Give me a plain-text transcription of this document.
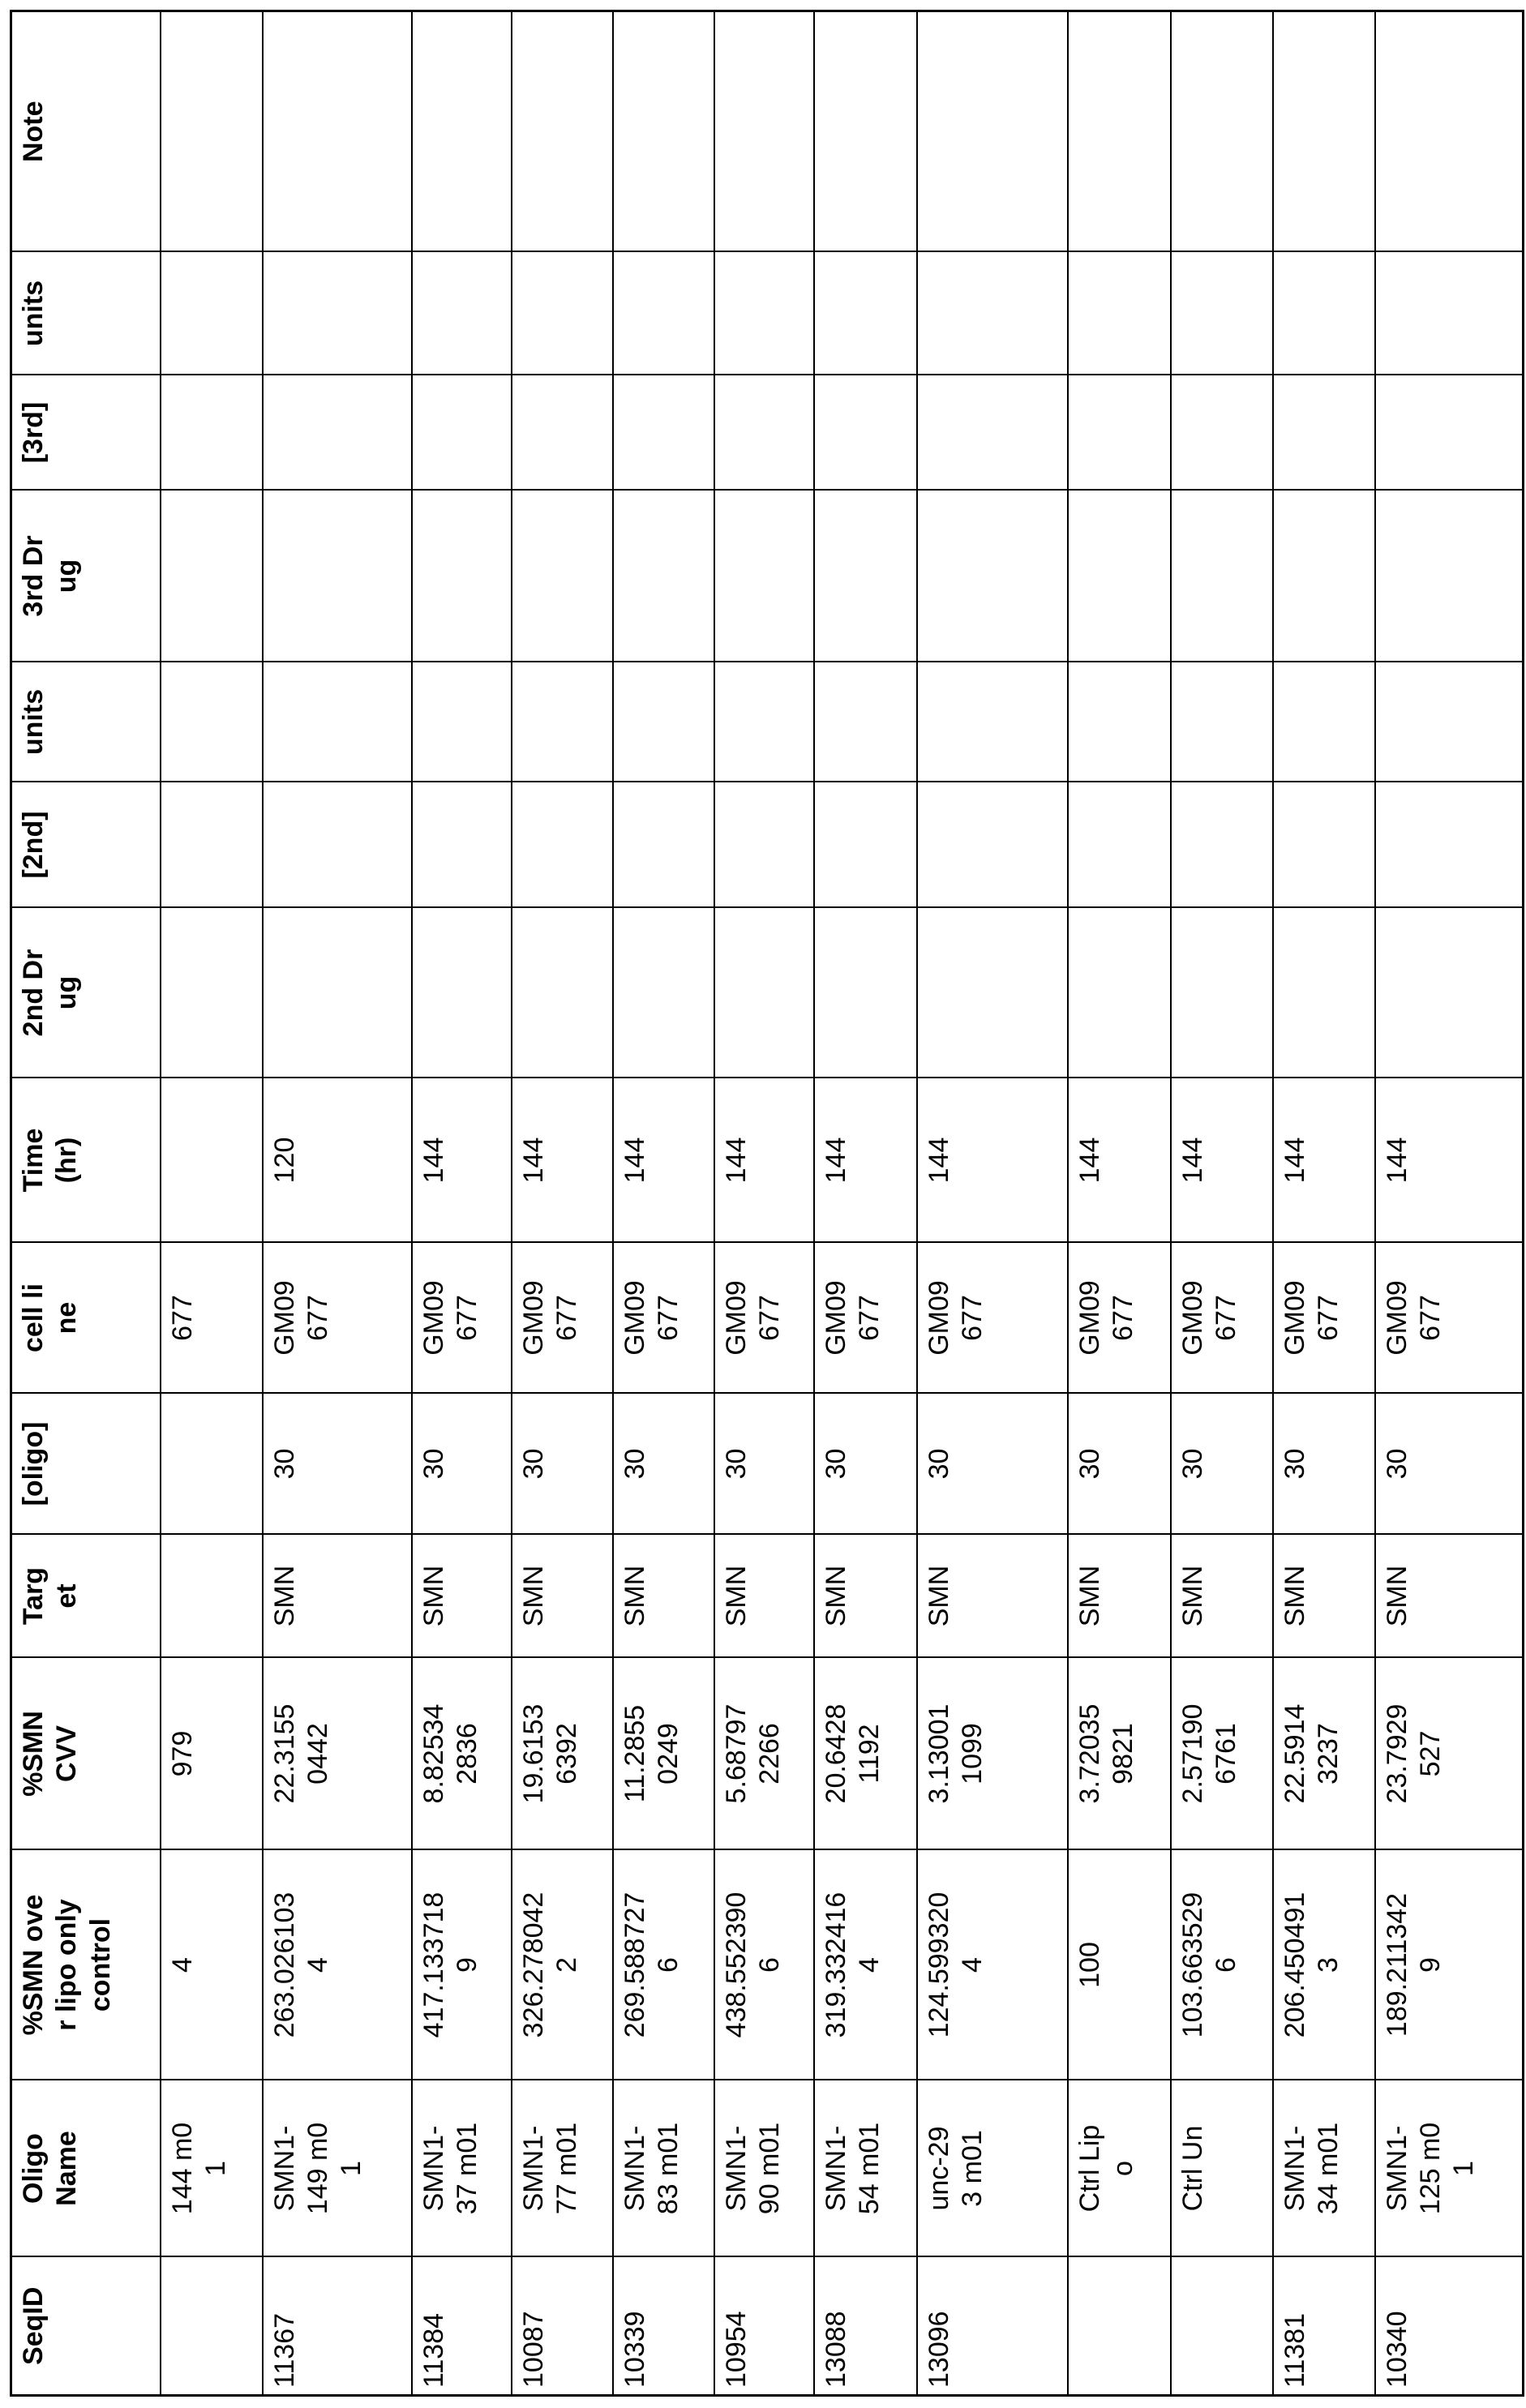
SeqID

Oligo Name

%SMN over lipo only control

%SMN CVV

Target

[oligo]

cell line

Time (hr)

2nd Drug

[2nd]

units

3rd Drug

[3rd]

units

Note

144 m01

4

979

677

11367

SMN1-149 m01

263.0261034

22.31550442

SMN

30

GM09677

120

11384

SMN1-37 m01

417.1337189

8.825342836

SMN

30

GM09677

144

10087

SMN1-77 m01

326.2780422

19.61536392

SMN

30

GM09677

144

10339

SMN1-83 m01

269.5887276

11.28550249

SMN

30

GM09677

144

10954

SMN1-90 m01

438.5523906

5.687972266

SMN

30

GM09677

144

13088

SMN1-54 m01

319.3324164

20.64281192

SMN

30

GM09677

144

13096

unc-293 m01

124.5993204

3.130011099

SMN

30

GM09677

144

Ctrl Lipo

100

3.720359821

SMN

30

GM09677

144

Ctrl Un

103.6635296

2.571906761

SMN

30

GM09677

144

11381

SMN1-34 m01

206.4504913

22.59143237

SMN

30

GM09677

144

10340

SMN1-125 m01

189.2113429

23.7929527

SMN

30

GM09677

144
